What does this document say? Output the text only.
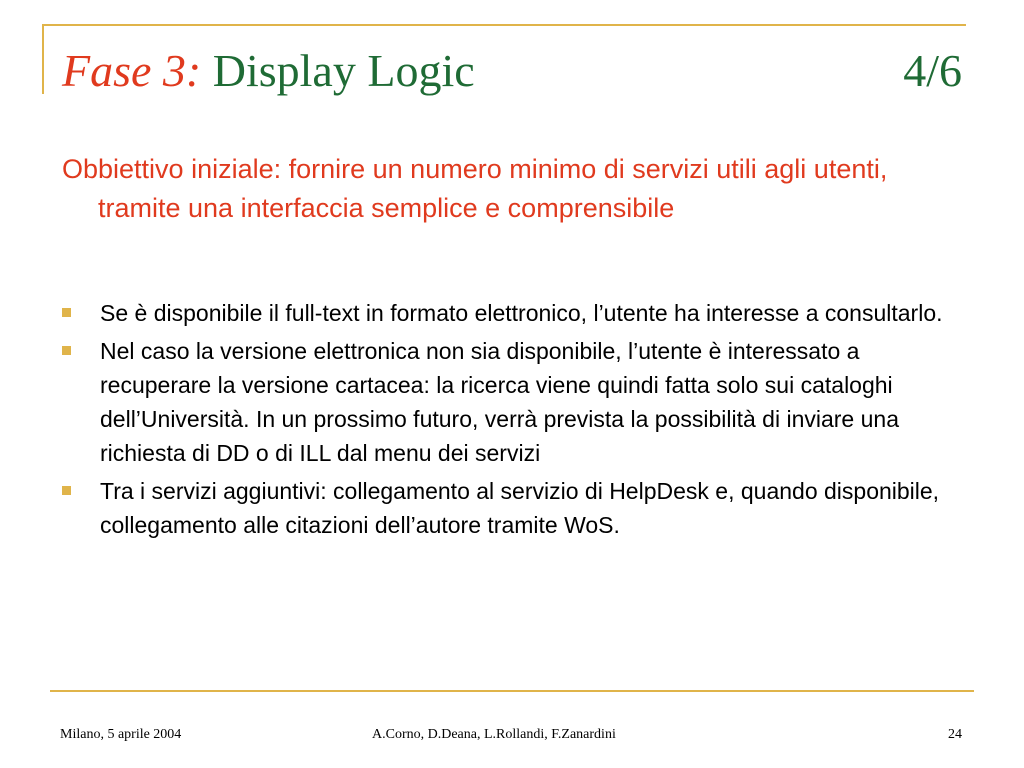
Fase 3: Display Logic	4/6
Obbiettivo iniziale: fornire un numero minimo di servizi utili agli utenti, tramite una interfaccia semplice e comprensibile
Se è disponibile il full-text in formato elettronico, l’utente ha interesse a consultarlo.
Nel caso la versione elettronica non sia disponibile, l’utente è interessato a recuperare la versione cartacea: la ricerca viene quindi fatta solo sui cataloghi dell’Università. In un prossimo futuro, verrà prevista la possibilità di inviare una richiesta di DD o di ILL dal menu dei servizi
Tra i servizi aggiuntivi: collegamento al servizio di HelpDesk e, quando disponibile, collegamento alle citazioni dell’autore tramite WoS.
Milano, 5 aprile 2004	A.Corno, D.Deana, L.Rollandi, F.Zanardini	24
